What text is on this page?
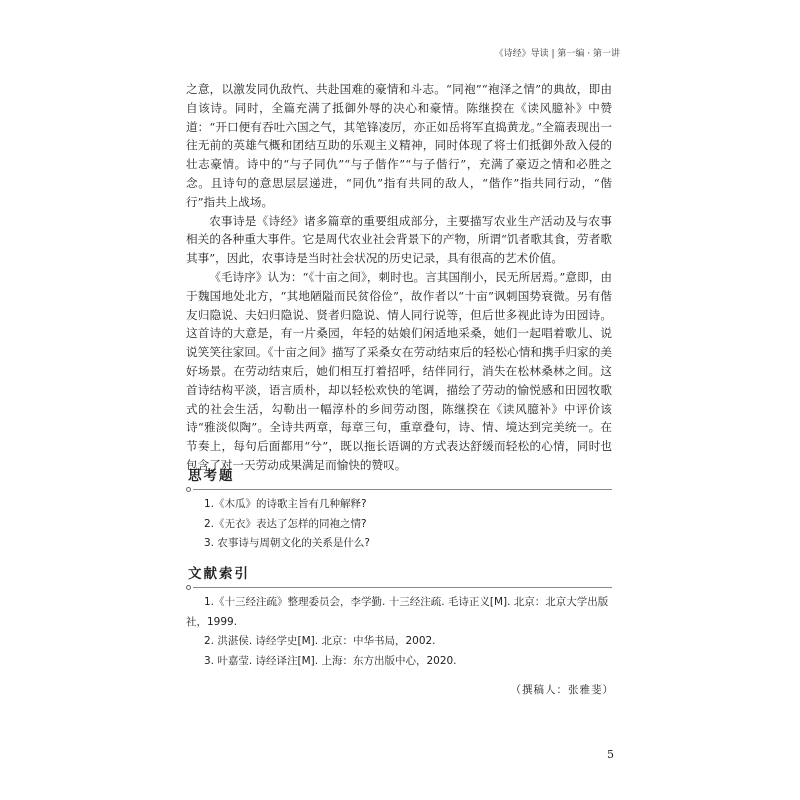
《诗经》导读 | 第一编 · 第一讲

之意，以激发同仇敌忾、共赴国难的豪情和斗志。“同袍”“袍泽之情”的典故，即由自该诗。同时，全篇充满了抵御外辱的决心和豪情。陈继揆在《读风臆补》中赞道：“开口便有吞吐六国之气，其笔锋凌厉，亦正如岳将军直捣黄龙。”全篇表现出一往无前的英雄气概和团结互助的乐观主义精神，同时体现了将士们抵御外敌入侵的壮志豪情。诗中的“与子同仇”“与子偕作”“与子偕行”，充满了豪迈之情和必胜之念。且诗句的意思层层递进，“同仇”指有共同的敌人，“偕作”指共同行动，“偕行”指共上战场。

农事诗是《诗经》诸多篇章的重要组成部分，主要描写农业生产活动及与农事相关的各种重大事件。它是周代农业社会背景下的产物，所谓“饥者歌其食，劳者歌其事”，因此，农事诗是当时社会状况的历史记录，具有很高的艺术价值。

《毛诗序》认为：“《十亩之间》，刺时也。言其国削小，民无所居焉。”意即，由于魏国地处北方，“其地陋隘而民贫俗俭”，故作者以“十亩”讽刺国势衰微。另有偕友归隐说、夫妇归隐说、贤者归隐说、情人同行说等，但后世多视此诗为田园诗。这首诗的大意是，有一片桑园，年轻的姑娘们闲适地采桑，她们一起唱着歌儿、说说笑笑往家回。《十亩之间》描写了采桑女在劳动结束后的轻松心情和携手归家的美好场景。在劳动结束后，她们相互打着招呼，结伴同行，消失在松林桑林之间。这首诗结构平淡，语言质朴，却以轻松欢快的笔调，描绘了劳动的愉悦感和田园牧歌式的社会生活，勾勒出一幅淳朴的乡间劳动图，陈继揆在《读风臆补》中评价该诗“雅淡似陶”。全诗共两章，每章三句，重章叠句，诗、情、境达到完美统一。在节奏上，每句后面都用“兮”，既以拖长语调的方式表达舒缓而轻松的心情，同时也包含了对一天劳动成果满足而愉快的赞叹。

思考题
1.《木瓜》的诗歌主旨有几种解释?
2.《无衣》表达了怎样的同袍之情?
3. 农事诗与周朝文化的关系是什么?
文献索引
1.《十三经注疏》整理委员会，李学勤. 十三经注疏. 毛诗正义[M]. 北京：北京大学出版社，1999.
2. 洪湛侯. 诗经学史[M]. 北京：中华书局，2002.
3. 叶嘉莹. 诗经译注[M]. 上海：东方出版中心，2020.
（撰稿人：张雅斐）
5
